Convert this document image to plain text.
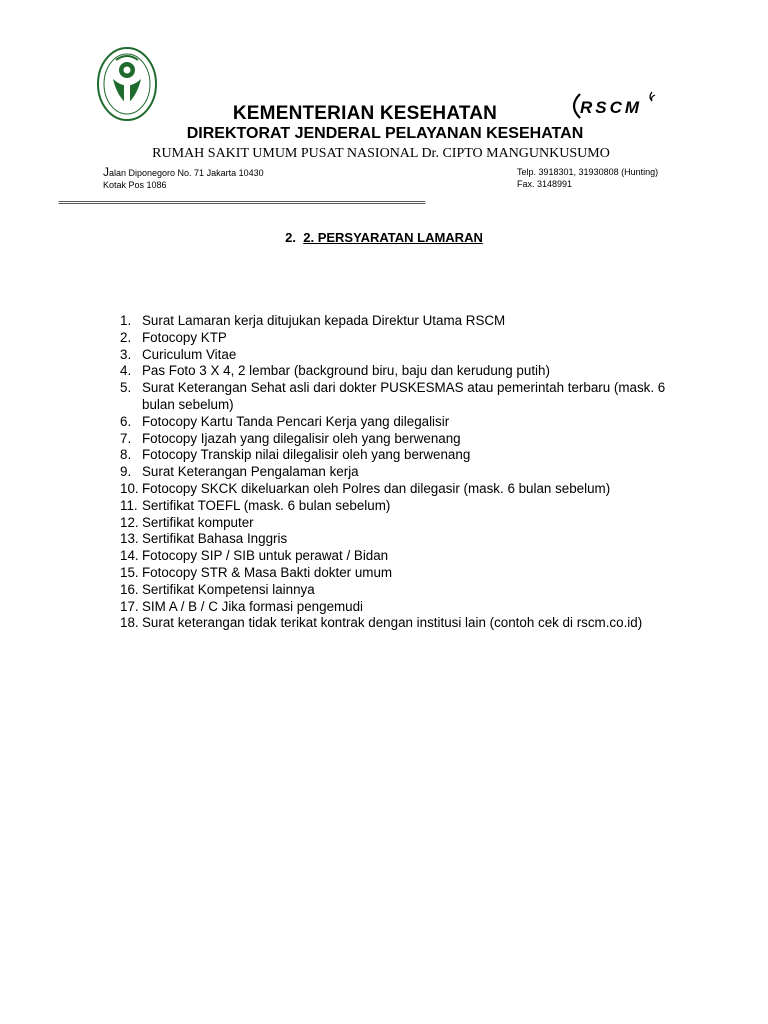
RSCM
KEMENTERIAN KESEHATAN
DIREKTORAT JENDERAL PELAYANAN KESEHATAN
RUMAH SAKIT UMUM PUSAT NASIONAL Dr. CIPTO MANGUNKUSUMO
Jalan Diponegoro No. 71 Jakarta 10430
Kotak Pos 1086
Telp. 3918301, 31930808 (Hunting)
Fax. 3148991
==========================================================================================================================
2. 2. PERSYARATAN LAMARAN
1. Surat Lamaran kerja ditujukan kepada Direktur Utama RSCM
2. Fotocopy KTP
3. Curiculum Vitae
4. Pas Foto 3 X 4, 2 lembar (background biru, baju dan kerudung putih)
5. Surat Keterangan Sehat asli dari dokter PUSKESMAS atau pemerintah terbaru (mask. 6 bulan sebelum)
6. Fotocopy Kartu Tanda Pencari Kerja yang dilegalisir
7. Fotocopy Ijazah yang dilegalisir oleh yang berwenang
8. Fotocopy Transkip nilai dilegalisir oleh yang berwenang
9. Surat Keterangan Pengalaman kerja
10. Fotocopy SKCK dikeluarkan oleh Polres dan dilegasir (mask. 6 bulan sebelum)
11. Sertifikat TOEFL (mask. 6 bulan sebelum)
12. Sertifikat komputer
13. Sertifikat Bahasa Inggris
14. Fotocopy SIP / SIB untuk perawat / Bidan
15. Fotocopy STR & Masa Bakti dokter umum
16. Sertifikat Kompetensi lainnya
17. SIM A / B / C Jika formasi pengemudi
18. Surat keterangan tidak terikat kontrak dengan institusi lain (contoh cek di rscm.co.id)
